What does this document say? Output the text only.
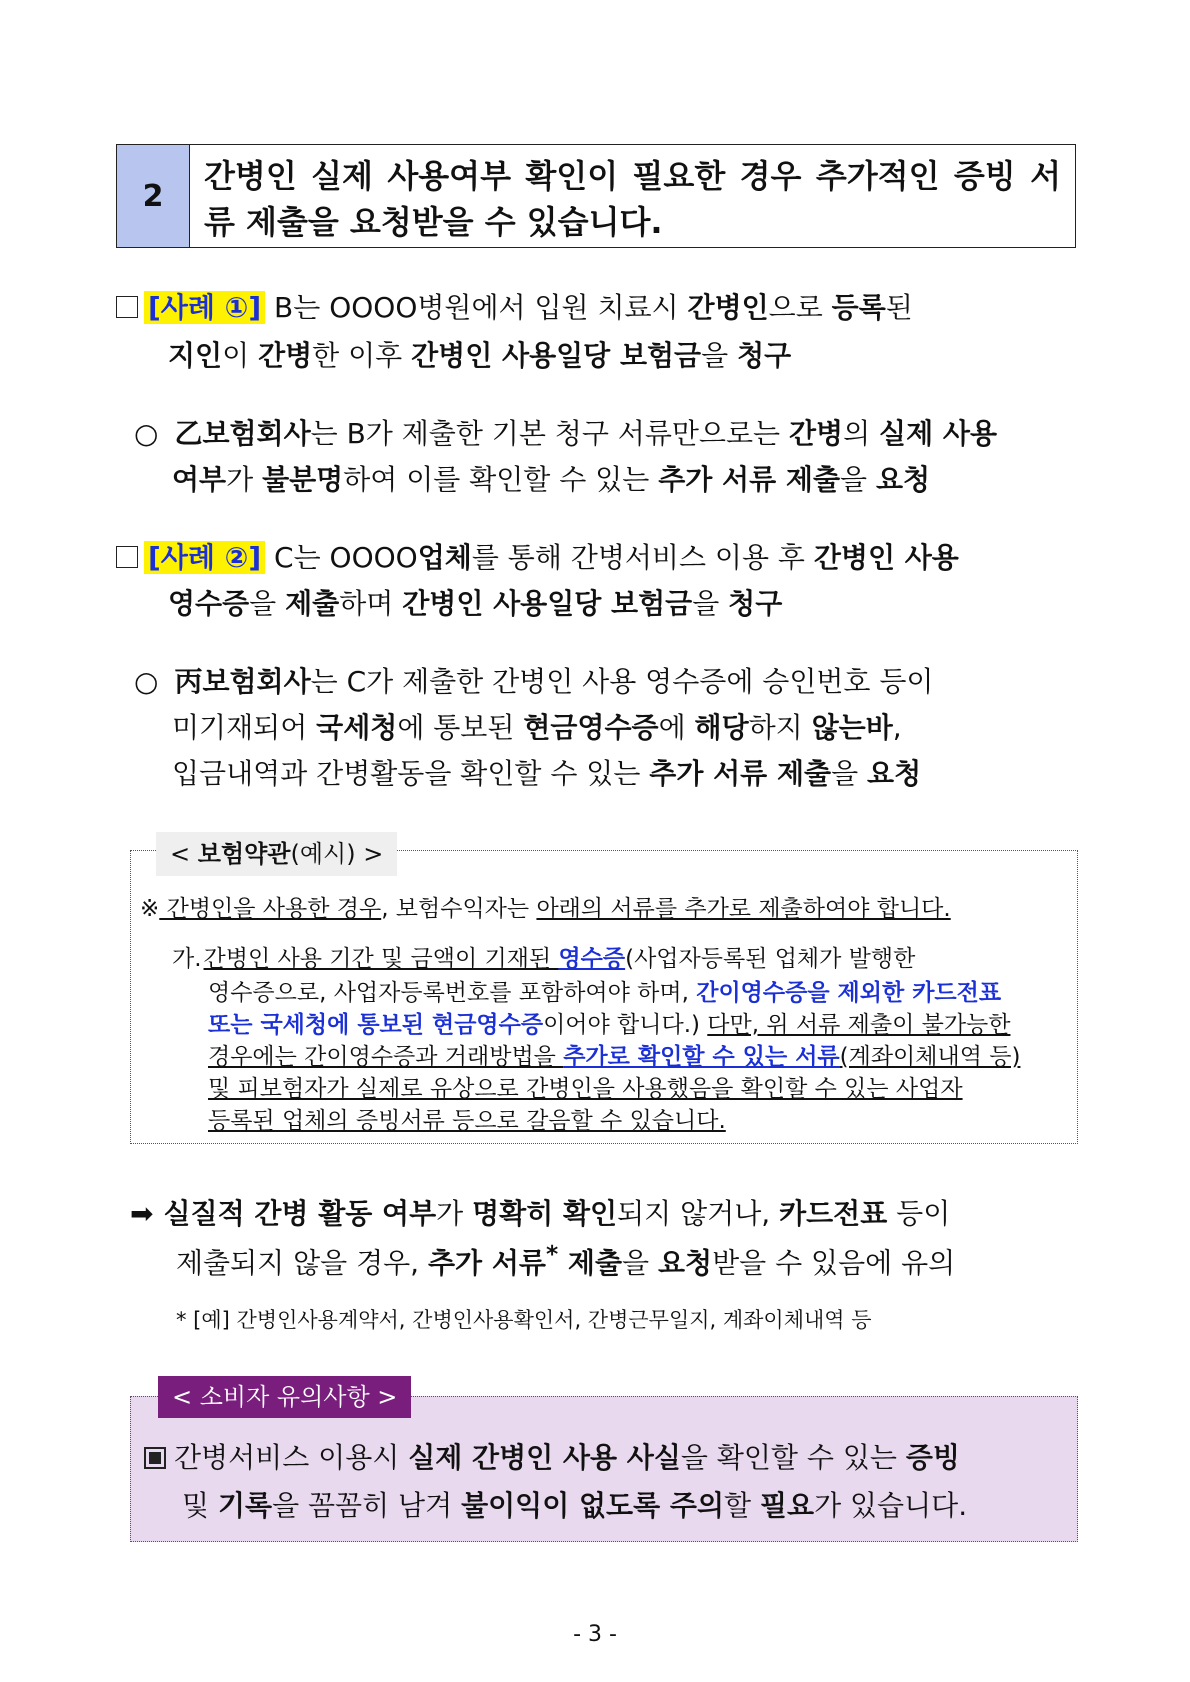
2
간병인 실제 사용여부 확인이 필요한 경우 추가적인 증빙 서류 제출을 요청받을 수 있습니다.
[사례 ①] B는 OOOO병원에서 입원 치료시 간병인으로 등록된
지인이 간병한 이후 간병인 사용일당 보험금을 청구
○ 乙보험회사는 B가 제출한 기본 청구 서류만으로는 간병의 실제 사용
여부가 불분명하여 이를 확인할 수 있는 추가 서류 제출을 요청
[사례 ②] C는 OOOO업체를 통해 간병서비스 이용 후 간병인 사용
영수증을 제출하며 간병인 사용일당 보험금을 청구
○ 丙보험회사는 C가 제출한 간병인 사용 영수증에 승인번호 등이
미기재되어 국세청에 통보된 현금영수증에 해당하지 않는바,
입금내역과 간병활동을 확인할 수 있는 추가 서류 제출을 요청
< 보험약관(예시) >
※ 간병인을 사용한 경우, 보험수익자는 아래의 서류를 추가로 제출하여야 합니다.
가.간병인 사용 기간 및 금액이 기재된 영수증(사업자등록된 업체가 발행한
영수증으로, 사업자등록번호를 포함하여야 하며, 간이영수증을 제외한 카드전표
또는 국세청에 통보된 현금영수증이어야 합니다.) 다만, 위 서류 제출이 불가능한
경우에는 간이영수증과 거래방법을 추가로 확인할 수 있는 서류(계좌이체내역 등)
및 피보험자가 실제로 유상으로 간병인을 사용했음을 확인할 수 있는 사업자
등록된 업체의 증빙서류 등으로 갈음할 수 있습니다.
➡ 실질적 간병 활동 여부가 명확히 확인되지 않거나, 카드전표 등이
제출되지 않을 경우, 추가 서류* 제출을 요청받을 수 있음에 유의
* [예] 간병인사용계약서, 간병인사용확인서, 간병근무일지, 계좌이체내역 등
< 소비자 유의사항 >
간병서비스 이용시 실제 간병인 사용 사실을 확인할 수 있는 증빙
및 기록을 꼼꼼히 남겨 불이익이 없도록 주의할 필요가 있습니다.
- 3 -
